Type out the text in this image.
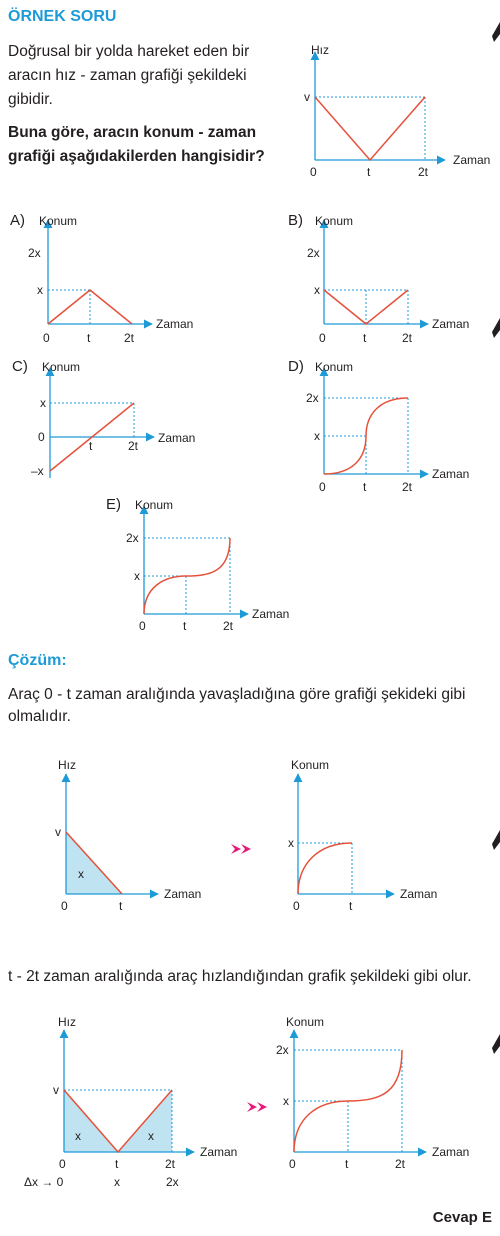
ÖRNEK SORU
Doğrusal bir yolda hareket eden bir
aracın hız - zaman grafiği şekildeki
gibidir.
Buna göre, aracın konum - zaman
grafiği aşağıdakilerden hangisidir?
Hız
v
Zaman
0	t	2t
A) Konum
2x
x
Zaman
0	t	2t
B) Konum
2x
x
Zaman
0	t	2t
C) Konum
x
0
–x
Zaman
t	2t
D) Konum
2x
x
Zaman
0	t	2t
E) Konum
2x
x
Zaman
0	t	2t
Çözüm:
Araç 0 - t zaman aralığında yavaşladığına göre grafiği şekideki gibi
olmalıdır.
Hız
v
x
Zaman
0	t
Konum
x
Zaman
0	t
t - 2t zaman aralığında araç hızlandığından grafik şekildeki gibi olur.
Hız
v
x	x
Zaman
0	t	2t
Δx → 0	x	2x
Konum
2x
x
Zaman
0	t	2t
Cevap E
